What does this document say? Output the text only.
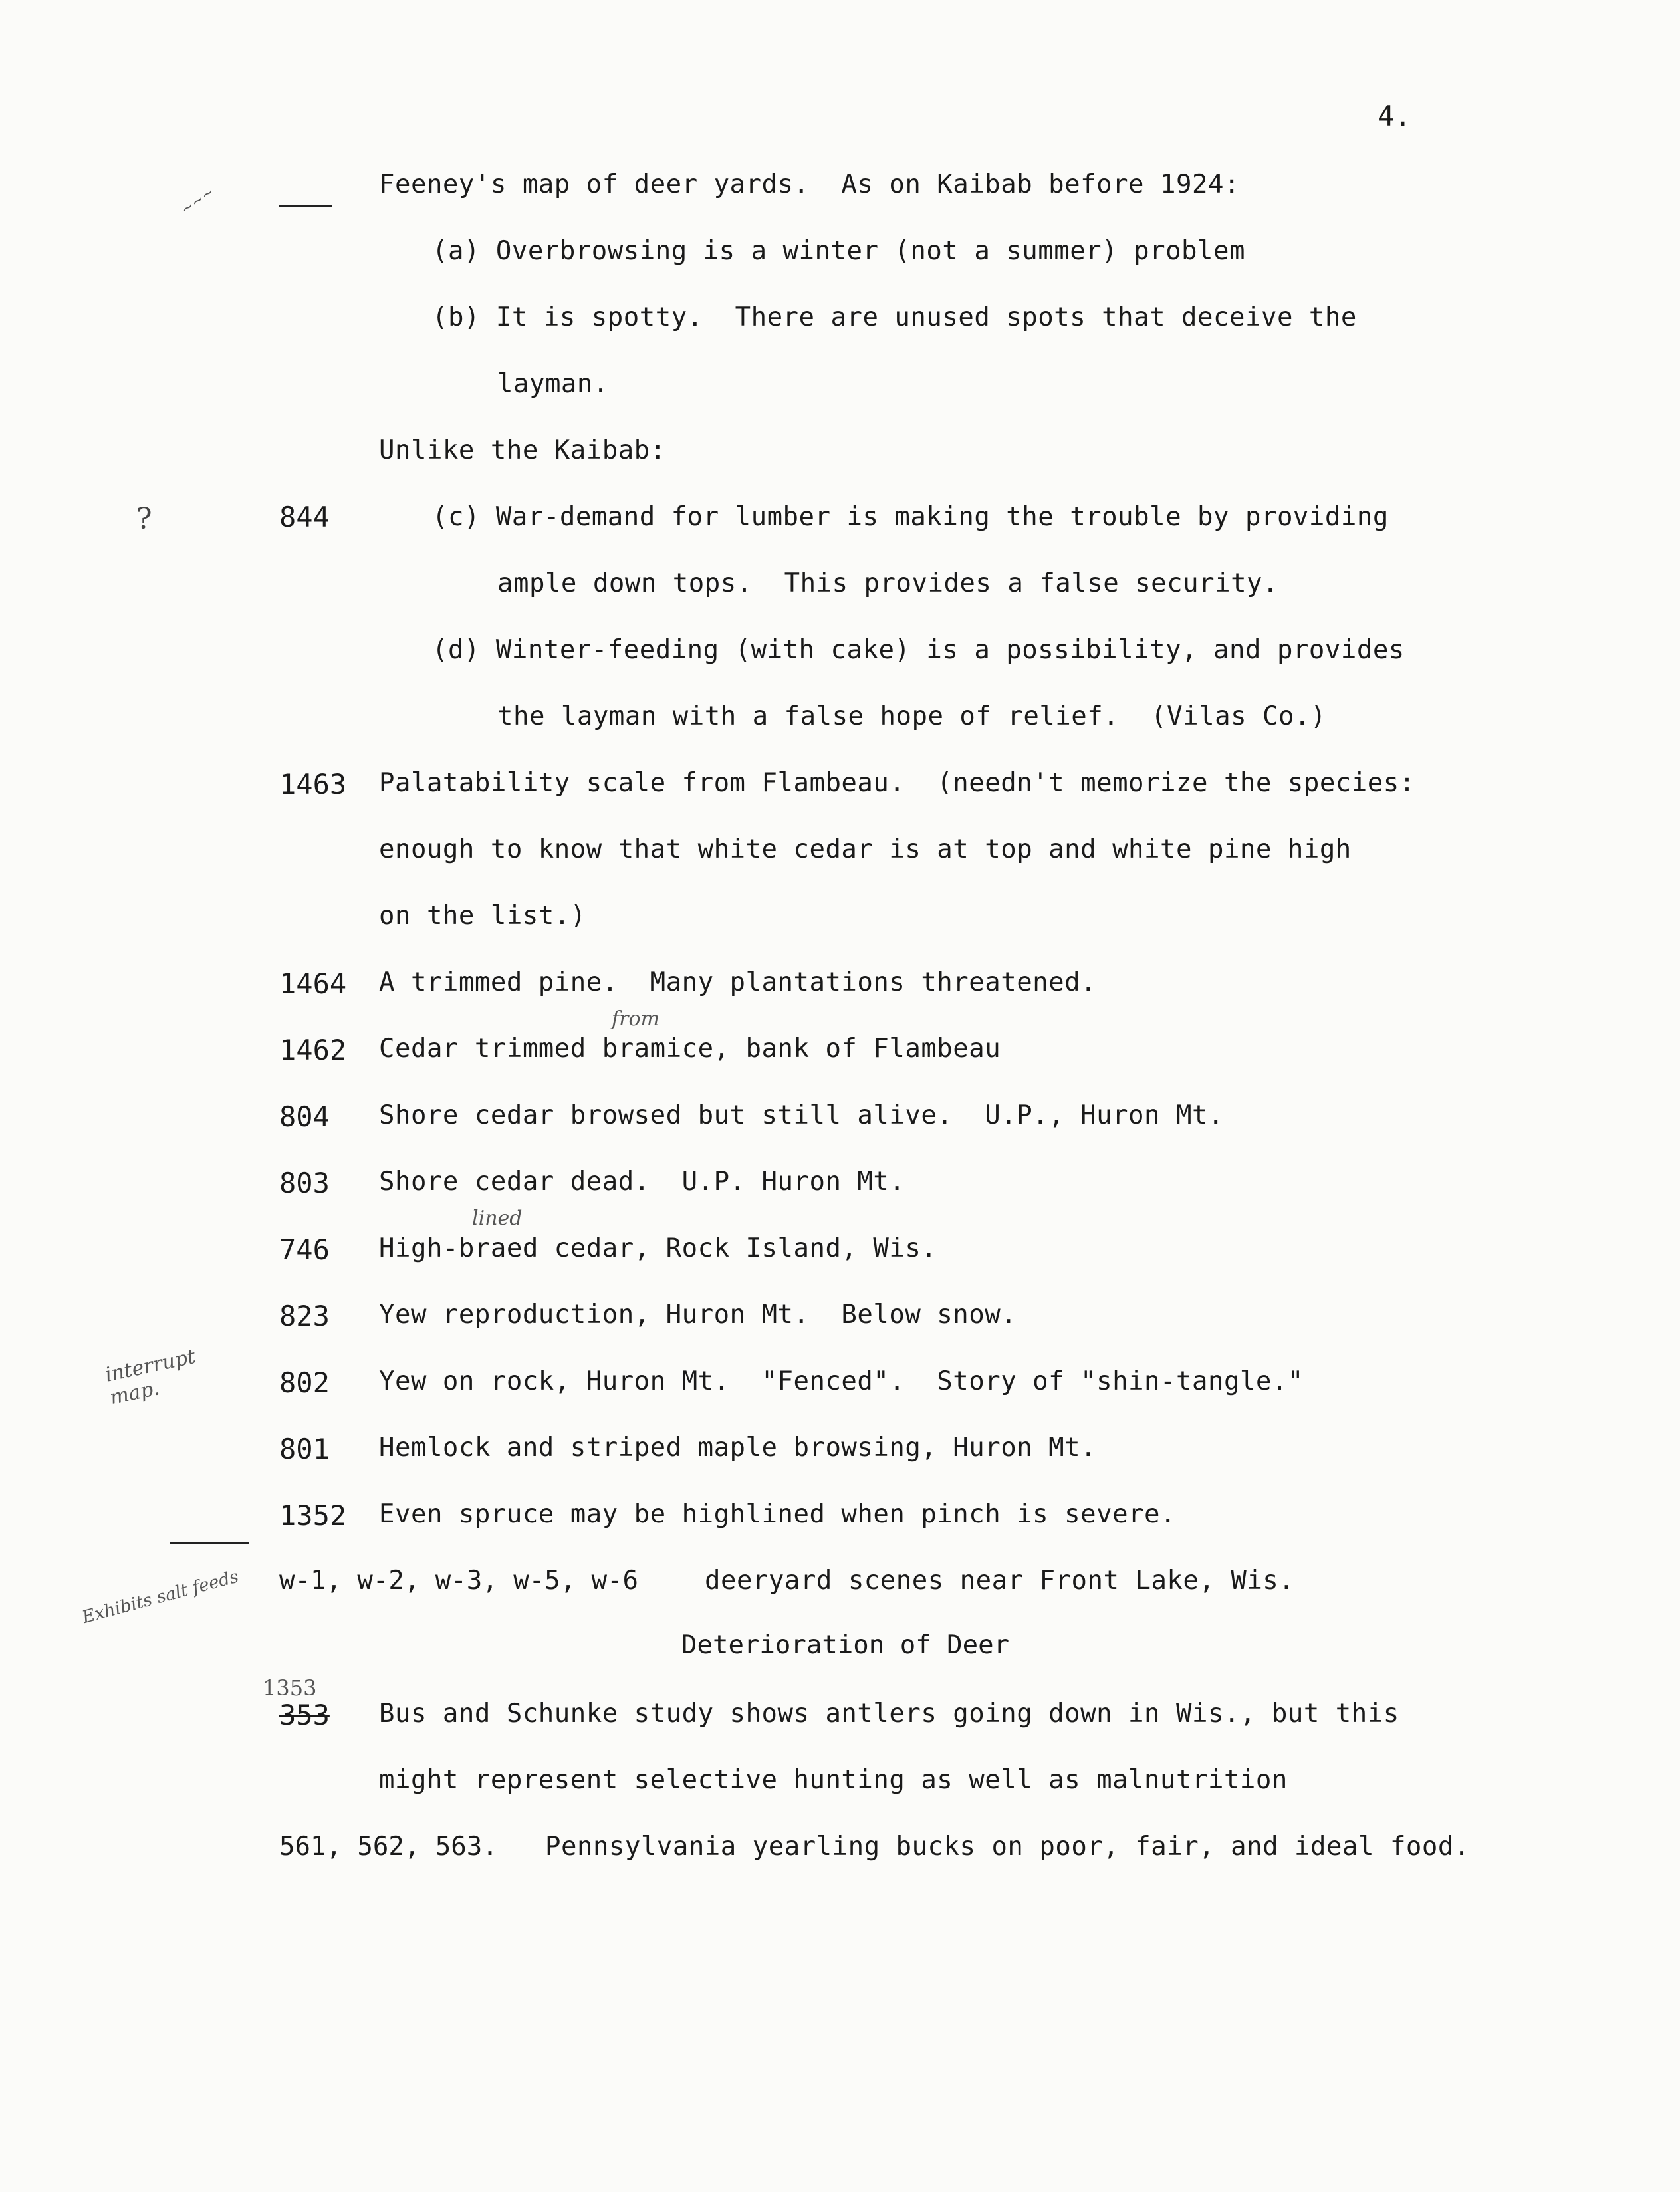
4.
~~~
?
interrupt map.
Exhibits salt feeds
Feeney's map of deer yards.  As on Kaibab before 1924:
(a) Overbrowsing is a winter (not a summer) problem
(b) It is spotty.  There are unused spots that deceive the
layman.
Unlike the Kaibab:
844	(c) War-demand for lumber is making the trouble by providing
ample down tops.  This provides a false security.
(d) Winter-feeding (with cake) is a possibility, and provides
the layman with a false hope of relief.  (Vilas Co.)
1463 Palatability scale from Flambeau.  (needn't memorize the species:
enough to know that white cedar is at top and white pine high
on the list.)
1464 A trimmed pine.  Many plantations threatened.
1462 Cedar trimmed bramice, bank of Flambeau
from
804 Shore cedar browsed but still alive.  U.P., Huron Mt.
803 Shore cedar dead.  U.P. Huron Mt.
746 High-braed cedar, Rock Island, Wis.
lined
823 Yew reproduction, Huron Mt.  Below snow.
802 Yew on rock, Huron Mt.  "Fenced".  Story of "shin-tangle."
801 Hemlock and striped maple browsing, Huron Mt.
1352 Even spruce may be highlined when pinch is severe.
w-1, w-2, w-3, w-5, w-6	deeryard scenes near Front Lake, Wis.
Deterioration of Deer
1353
353 Bus and Schunke study shows antlers going down in Wis., but this
might represent selective hunting as well as malnutrition
561, 562, 563. Pennsylvania yearling bucks on poor, fair, and ideal food.
